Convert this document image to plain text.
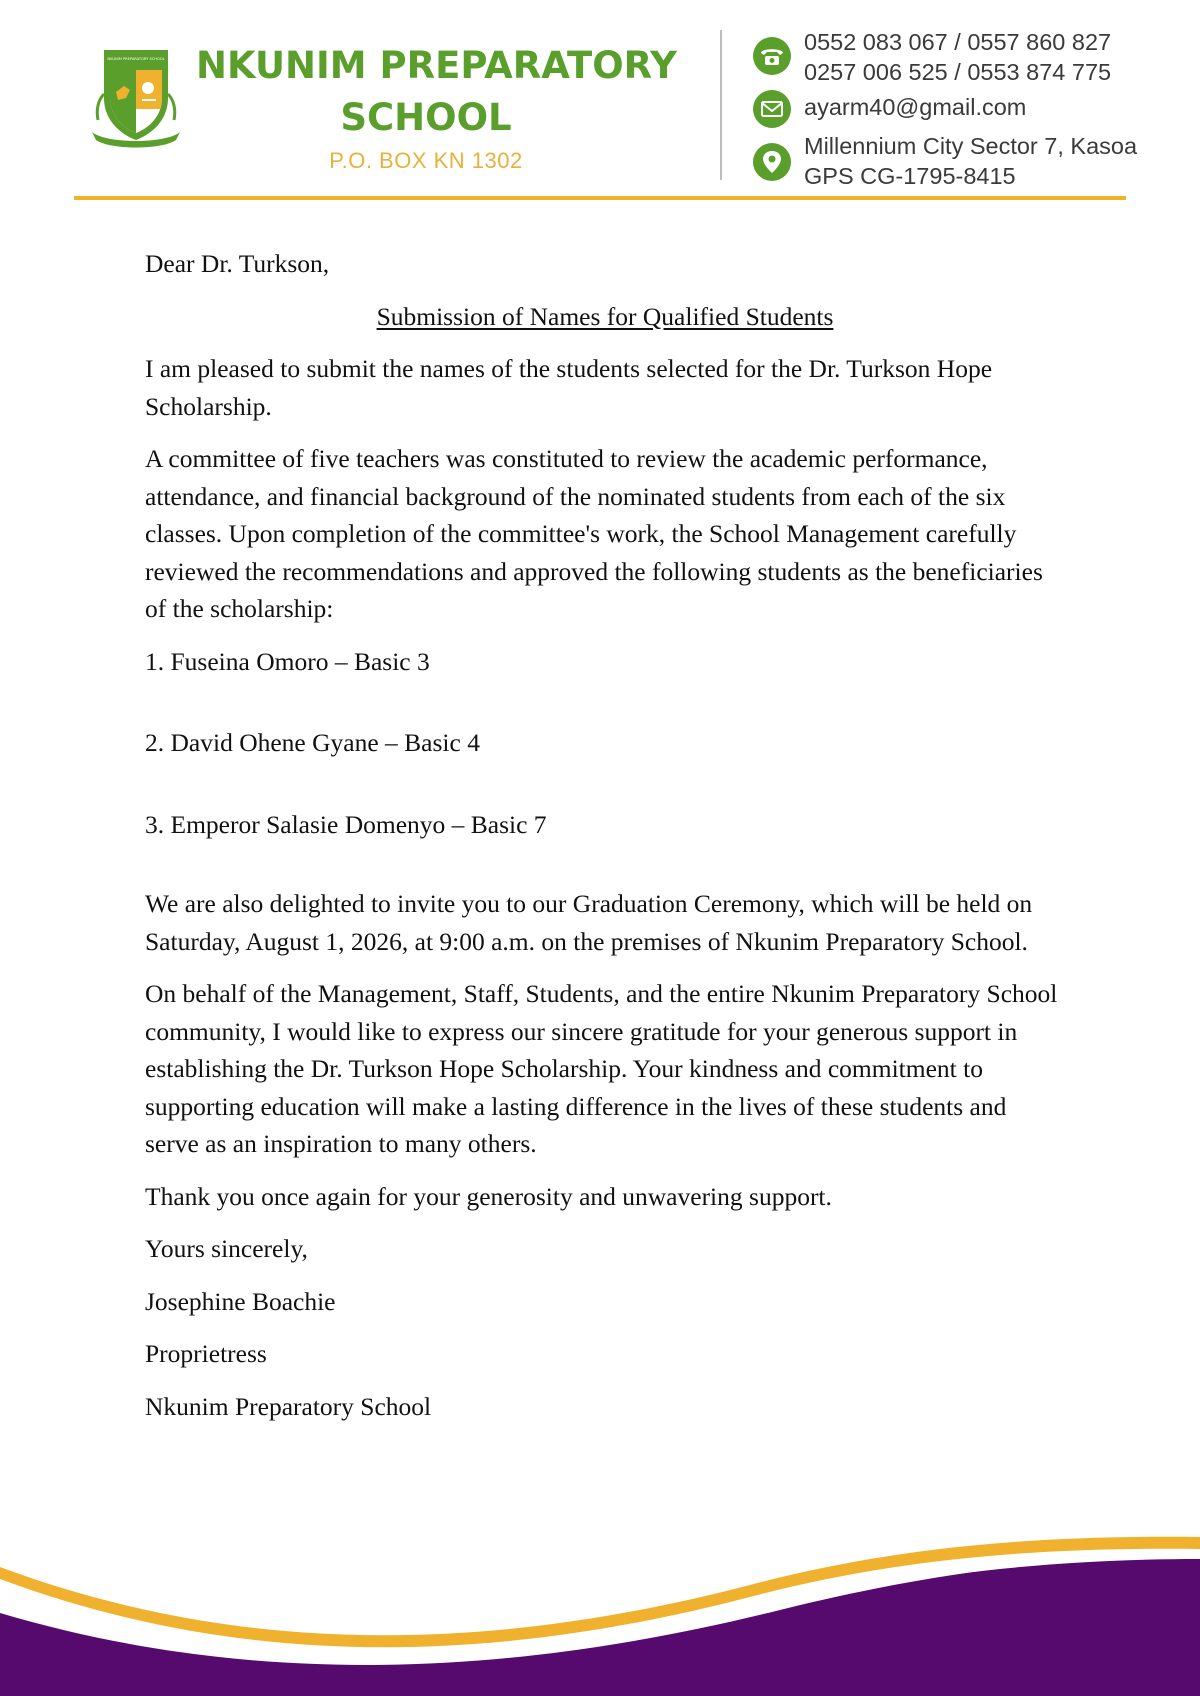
NKUNIM PREPARATORY SCHOOL NKUNIM PREPARATORY
SCHOOL
P.O. BOX KN 1302
0552 083 067 / 0557 860 827
0257 006 525 / 0553 874 775
ayarm40@gmail.com
Millennium City Sector 7, Kasoa
GPS CG-1795-8415

Dear Dr. Turkson,

Submission of Names for Qualified Students

I am pleased to submit the names of the students selected for the Dr. Turkson Hope Scholarship.

A committee of five teachers was constituted to review the academic performance, attendance, and financial background of the nominated students from each of the six classes. Upon completion of the committee's work, the School Management carefully reviewed the recommendations and approved the following students as the beneficiaries of the scholarship:

1. Fuseina Omoro – Basic 3

2. David Ohene Gyane – Basic 4

3. Emperor Salasie Domenyo – Basic 7

We are also delighted to invite you to our Graduation Ceremony, which will be held on Saturday, August 1, 2026, at 9:00 a.m. on the premises of Nkunim Preparatory School.

On behalf of the Management, Staff, Students, and the entire Nkunim Preparatory School community, I would like to express our sincere gratitude for your generous support in establishing the Dr. Turkson Hope Scholarship. Your kindness and commitment to supporting education will make a lasting difference in the lives of these students and serve as an inspiration to many others.

Thank you once again for your generosity and unwavering support.

Yours sincerely,

Josephine Boachie

Proprietress

Nkunim Preparatory School
